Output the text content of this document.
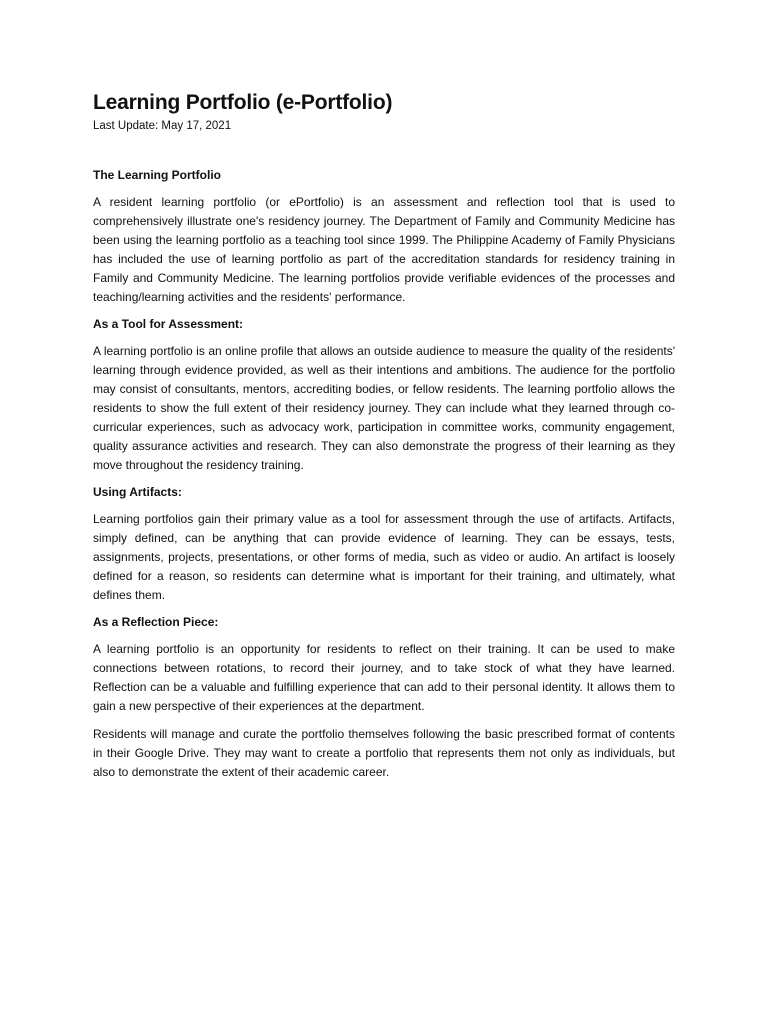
Learning Portfolio (e-Portfolio)

Last Update: May 17, 2021

The Learning Portfolio

A resident learning portfolio (or ePortfolio) is an assessment and reflection tool that is used to comprehensively illustrate one's residency journey. The Department of Family and Community Medicine has been using the learning portfolio as a teaching tool since 1999. The Philippine Academy of Family Physicians has included the use of learning portfolio as part of the accreditation standards for residency training in Family and Community Medicine. The learning portfolios provide verifiable evidences of the processes and teaching/learning activities and the residents' performance.

As a Tool for Assessment:

A learning portfolio is an online profile that allows an outside audience to measure the quality of the residents' learning through evidence provided, as well as their intentions and ambitions. The audience for the portfolio may consist of consultants, mentors, accrediting bodies, or fellow residents. The learning portfolio allows the residents to show the full extent of their residency journey. They can include what they learned through co-curricular experiences, such as advocacy work, participation in committee works, community engagement, quality assurance activities and research. They can also demonstrate the progress of their learning as they move throughout the residency training.

Using Artifacts:

Learning portfolios gain their primary value as a tool for assessment through the use of artifacts. Artifacts, simply defined, can be anything that can provide evidence of learning. They can be essays, tests, assignments, projects, presentations, or other forms of media, such as video or audio. An artifact is loosely defined for a reason, so residents can determine what is important for their training, and ultimately, what defines them.

As a Reflection Piece:

A learning portfolio is an opportunity for residents to reflect on their training. It can be used to make connections between rotations, to record their journey, and to take stock of what they have learned. Reflection can be a valuable and fulfilling experience that can add to their personal identity. It allows them to gain a new perspective of their experiences at the department.

Residents will manage and curate the portfolio themselves following the basic prescribed format of contents in their Google Drive. They may want to create a portfolio that represents them not only as individuals, but also to demonstrate the extent of their academic career.
